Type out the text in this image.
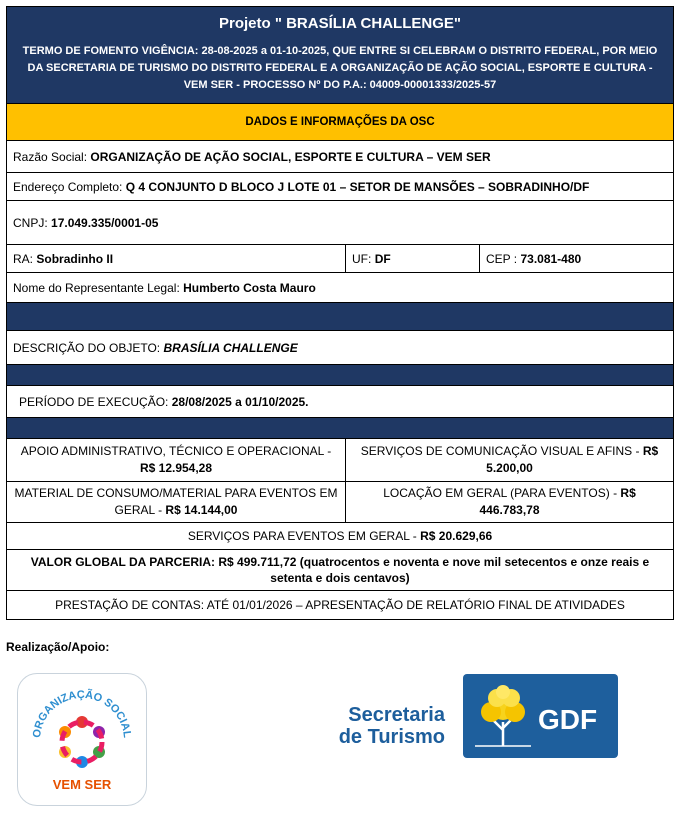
Projeto " BRASÍLIA CHALLENGE"
TERMO DE FOMENTO VIGÊNCIA: 28-08-2025 a 01-10-2025, QUE ENTRE SI CELEBRAM O DISTRITO FEDERAL, POR MEIO DA SECRETARIA DE TURISMO DO DISTRITO FEDERAL E A ORGANIZAÇÃO DE AÇÃO SOCIAL, ESPORTE E CULTURA - VEM SER - PROCESSO Nº DO P.A.: 04009-00001333/2025-57
DADOS E INFORMAÇÕES DA OSC
Razão Social:
ORGANIZAÇÃO DE AÇÃO SOCIAL, ESPORTE E CULTURA – VEM SER
Endereço Completo:
Q 4 CONJUNTO D BLOCO J LOTE 01 – SETOR DE MANSÕES – SOBRADINHO/DF
CNPJ:
17.049.335/0001-05
RA:
Sobradinho II	UF:
DF	CEP :
73.081-480
Nome do Representante Legal:
Humberto Costa Mauro
DESCRIÇÃO DO OBJETO:
BRASÍLIA CHALLENGE
PERÍODO DE EXECUÇÃO:
28/08/2025 a 01/10/2025.
APOIO ADMINISTRATIVO, TÉCNICO E OPERACIONAL - R$ 12.954,28
SERVIÇOS DE COMUNICAÇÃO VISUAL E AFINS - R$ 5.200,00
MATERIAL DE CONSUMO/MATERIAL PARA EVENTOS EM GERAL - R$ 14.144,00
LOCAÇÃO EM GERAL (PARA EVENTOS) - R$ 446.783,78
SERVIÇOS PARA EVENTOS EM GERAL -
R$ 20.629,66
VALOR GLOBAL DA PARCERIA: R$ 499.711,72 (quatrocentos e noventa e nove mil setecentos e onze reais e setenta e dois centavos)
PRESTAÇÃO DE CONTAS: ATÉ 01/01/2026 – APRESENTAÇÃO DE RELATÓRIO FINAL DE ATIVIDADES
Realização/Apoio:
ORGANIZAÇÃO SOCIAL
VEM SER
Secretaria
de Turismo
GDF
